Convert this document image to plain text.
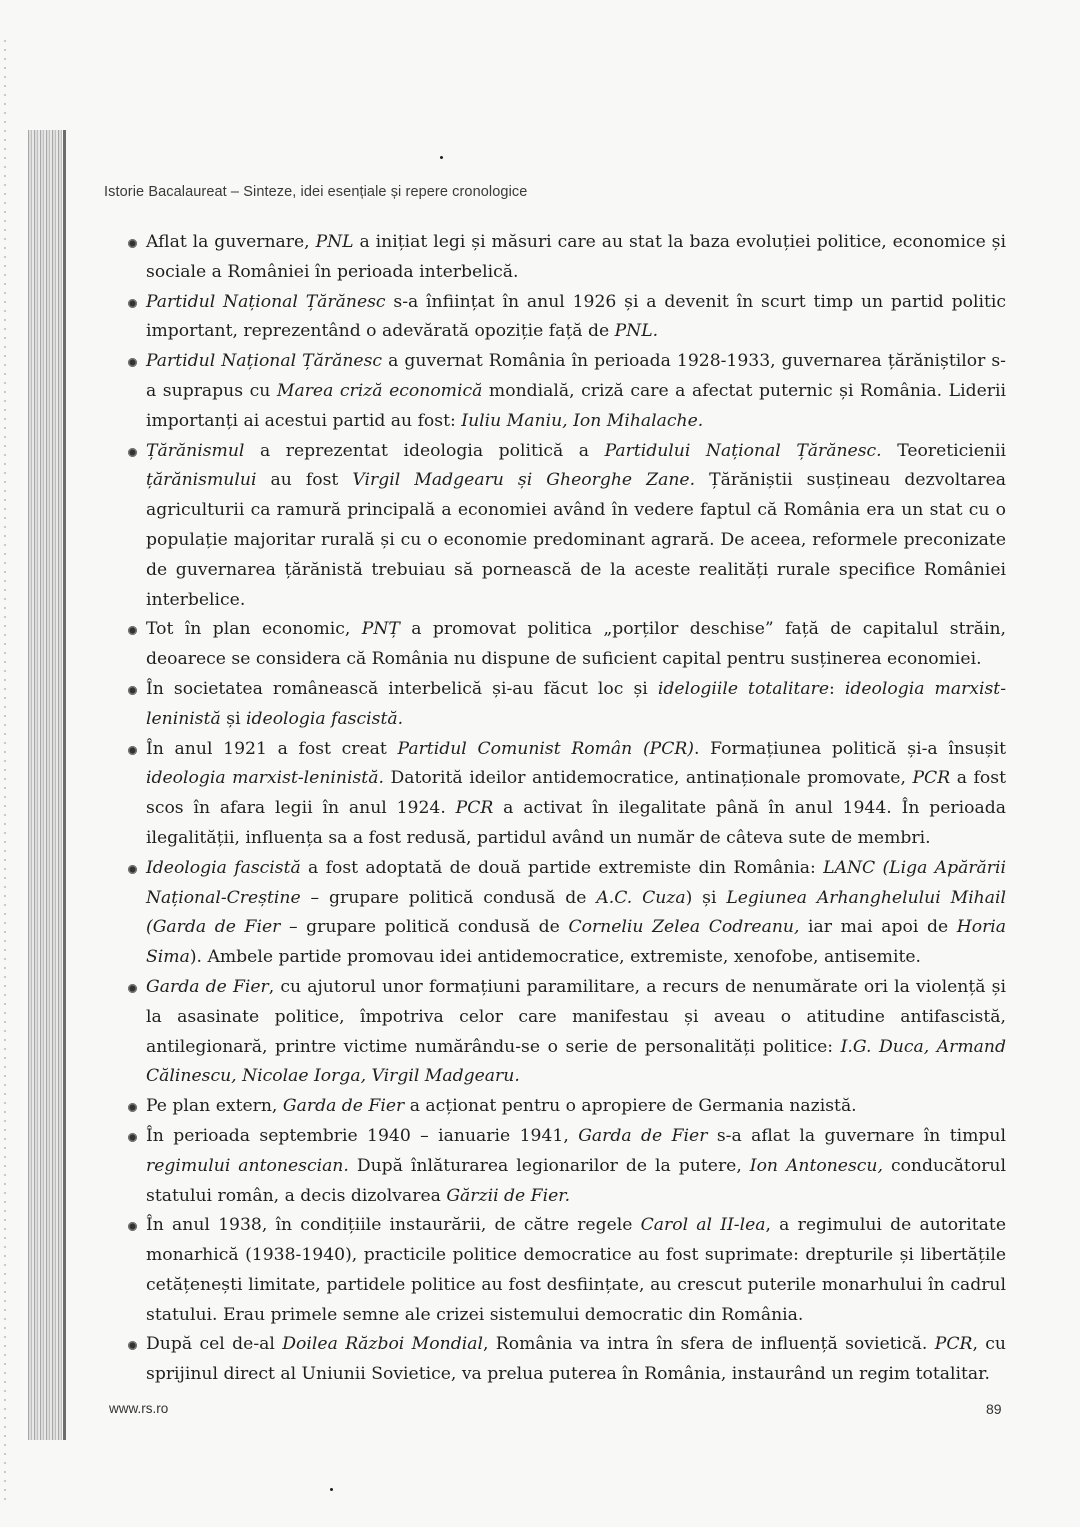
Istorie Bacalaureat – Sinteze, idei esențiale și repere cronologice
Aflat la guvernare, PNL a inițiat legi și măsuri care au stat la baza evoluției politice, economice și sociale a României în perioada interbelică.
Partidul Național Țărănesc s-a înființat în anul 1926 și a devenit în scurt timp un partid politic important, reprezentând o adevărată opoziție față de PNL.
Partidul Național Țărănesc a guvernat România în perioada 1928-1933, guvernarea țărăniștilor s-a suprapus cu Marea criză economică mondială, criză care a afectat puternic și România. Liderii importanți ai acestui partid au fost: Iuliu Maniu, Ion Mihalache.
Țărănismul a reprezentat ideologia politică a Partidului Național Țărănesc. Teoreticienii țărănismului au fost Virgil Madgearu și Gheorghe Zane. Țărăniștii susțineau dezvoltarea agriculturii ca ramură principală a economiei având în vedere faptul că România era un stat cu o populație majoritar rurală și cu o economie predominant agrară. De aceea, reformele preconizate de guvernarea țărănistă trebuiau să pornească de la aceste realități rurale specifice României interbelice.
Tot în plan economic, PNȚ a promovat politica „porților deschise” față de capitalul străin, deoarece se considera că România nu dispune de suficient capital pentru susținerea economiei.
În societatea românească interbelică și-au făcut loc și idelogiile totalitare: ideologia marxist-leninistă și ideologia fascistă.
În anul 1921 a fost creat Partidul Comunist Român (PCR). Formațiunea politică și-a însușit ideologia marxist-leninistă. Datorită ideilor antidemocratice, antinaționale promovate, PCR a fost scos în afara legii în anul 1924. PCR a activat în ilegalitate până în anul 1944. În perioada ilegalității, influența sa a fost redusă, partidul având un număr de câteva sute de membri.
Ideologia fascistă a fost adoptată de două partide extremiste din România: LANC (Liga Apărării Național-Creștine – grupare politică condusă de A.C. Cuza) și Legiunea Arhanghelului Mihail (Garda de Fier – grupare politică condusă de Corneliu Zelea Codreanu, iar mai apoi de Horia Sima). Ambele partide promovau idei antidemocratice, extremiste, xenofobe, antisemite.
Garda de Fier, cu ajutorul unor formațiuni paramilitare, a recurs de nenumărate ori la violență și la asasinate politice, împotriva celor care manifestau și aveau o atitudine antifascistă, antilegionară, printre victime numărându-se o serie de personalități politice: I.G. Duca, Armand Călinescu, Nicolae Iorga, Virgil Madgearu.
Pe plan extern, Garda de Fier a acționat pentru o apropiere de Germania nazistă.
În perioada septembrie 1940 – ianuarie 1941, Garda de Fier s-a aflat la guvernare în timpul regimului antonescian. După înlăturarea legionarilor de la putere, Ion Antonescu, conducătorul statului român, a decis dizolvarea Gărzii de Fier.
În anul 1938, în condițiile instaurării, de către regele Carol al II-lea, a regimului de autoritate monarhică (1938-1940), practicile politice democratice au fost suprimate: drepturile și libertățile cetățenești limitate, partidele politice au fost desființate, au crescut puterile monarhului în cadrul statului. Erau primele semne ale crizei sistemului democratic din România.
După cel de-al Doilea Război Mondial, România va intra în sfera de influență sovietică. PCR, cu sprijinul direct al Uniunii Sovietice, va prelua puterea în România, instaurând un regim totalitar.
www.rs.ro	89
